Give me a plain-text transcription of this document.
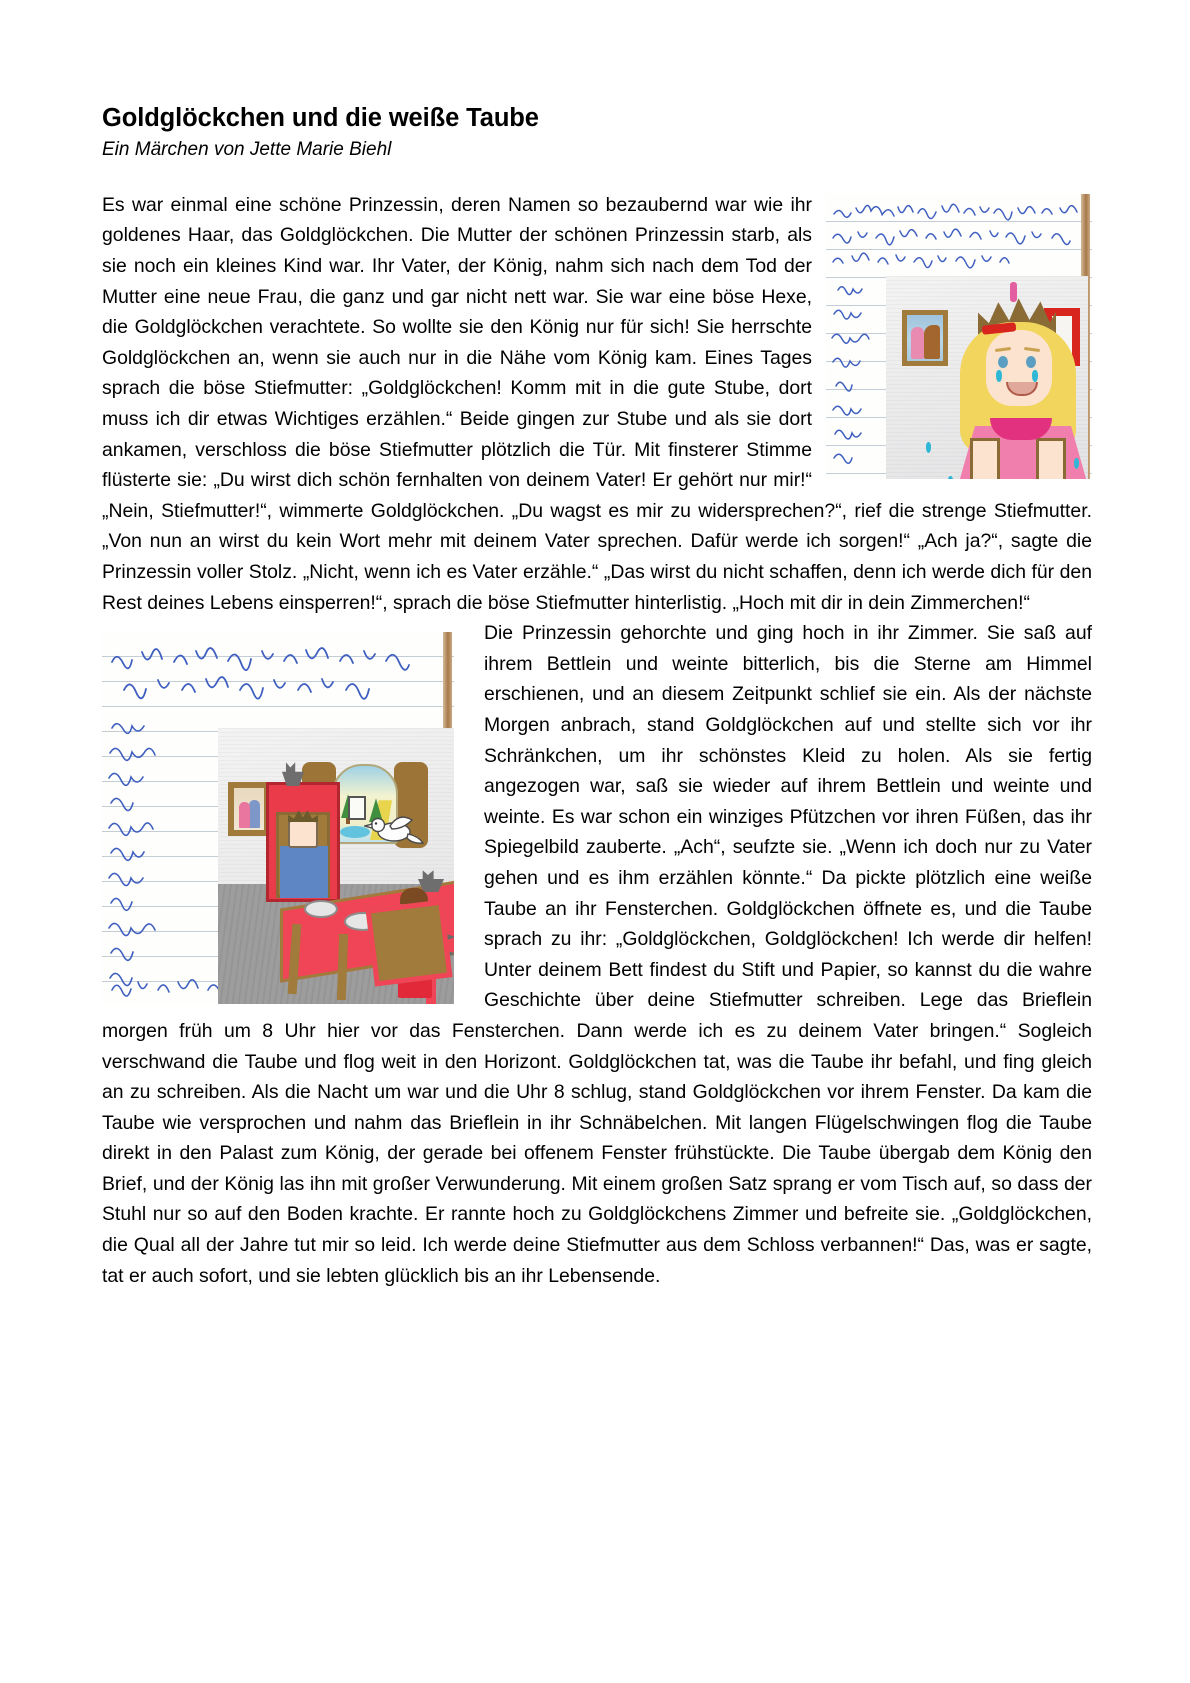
Goldglöckchen und die weiße Taube

Ein Märchen von Jette Marie Biehl

Es war einmal eine schöne Prinzessin, deren Namen so bezaubernd war wie ihr goldenes Haar, das Goldglöckchen. Die Mutter der schönen Prinzessin starb, als sie noch ein kleines Kind war. Ihr Vater, der König, nahm sich nach dem Tod der Mutter eine neue Frau, die ganz und gar nicht nett war. Sie war eine böse Hexe, die Goldglöckchen verachtete. So wollte sie den König nur für sich! Sie herrschte Goldglöckchen an, wenn sie auch nur in die Nähe vom König kam. Eines Tages sprach die böse Stiefmutter: „Goldglöckchen! Komm mit in die gute Stube, dort muss ich dir etwas Wichtiges erzählen.“ Beide gingen zur Stube und als sie dort ankamen, verschloss die böse Stiefmutter plötzlich die Tür. Mit finsterer Stimme flüsterte sie: „Du wirst dich schön fernhalten von deinem Vater! Er gehört nur mir!“ „Nein, Stiefmutter!“, wimmerte Goldglöckchen. „Du wagst es mir zu widersprechen?“, rief die strenge Stiefmutter. „Von nun an wirst du kein Wort mehr mit deinem Vater sprechen. Dafür werde ich sorgen!“ „Ach ja?“, sagte die Prinzessin voller Stolz. „Nicht, wenn ich es Vater erzähle.“ „Das wirst du nicht schaffen, denn ich werde dich für den Rest deines Lebens einsperren!“, sprach die böse Stiefmutter hinterlistig. „Hoch mit dir in dein Zimmerchen!“

Die Prinzessin gehorchte und ging hoch in ihr Zimmer. Sie saß auf ihrem Bettlein und weinte bitterlich, bis die Sterne am Himmel erschienen, und an diesem Zeitpunkt schlief sie ein. Als der nächste Morgen anbrach, stand Goldglöckchen auf und stellte sich vor ihr Schränkchen, um ihr schönstes Kleid zu holen. Als sie fertig angezogen war, saß sie wieder auf ihrem Bettlein und weinte und weinte. Es war schon ein winziges Pfützchen vor ihren Füßen, das ihr Spiegelbild zauberte. „Ach“, seufzte sie. „Wenn ich doch nur zu Vater gehen und es ihm erzählen könnte.“ Da pickte plötzlich eine weiße Taube an ihr Fensterchen. Goldglöckchen öffnete es, und die Taube sprach zu ihr: „Goldglöckchen, Goldglöckchen! Ich werde dir helfen! Unter deinem Bett findest du Stift und Papier, so kannst du die wahre Geschichte über deine Stiefmutter schreiben. Lege das Brieflein morgen früh um 8 Uhr hier vor das Fensterchen. Dann werde ich es zu deinem Vater bringen.“ Sogleich verschwand die Taube und flog weit in den Horizont. Goldglöckchen tat, was die Taube ihr befahl, und fing gleich an zu schreiben. Als die Nacht um war und die Uhr 8 schlug, stand Goldglöckchen vor ihrem Fenster. Da kam die Taube wie versprochen und nahm das Brieflein in ihr Schnäbelchen. Mit langen Flügelschwingen flog die Taube direkt in den Palast zum König, der gerade bei offenem Fenster frühstückte. Die Taube übergab dem König den Brief, und der König las ihn mit großer Verwunderung. Mit einem großen Satz sprang er vom Tisch auf, so dass der Stuhl nur so auf den Boden krachte. Er rannte hoch zu Goldglöckchens Zimmer und befreite sie. „Goldglöckchen, die Qual all der Jahre tut mir so leid. Ich werde deine Stiefmutter aus dem Schloss verbannen!“ Das, was er sagte, tat er auch sofort, und sie lebten glücklich bis an ihr Lebensende.
